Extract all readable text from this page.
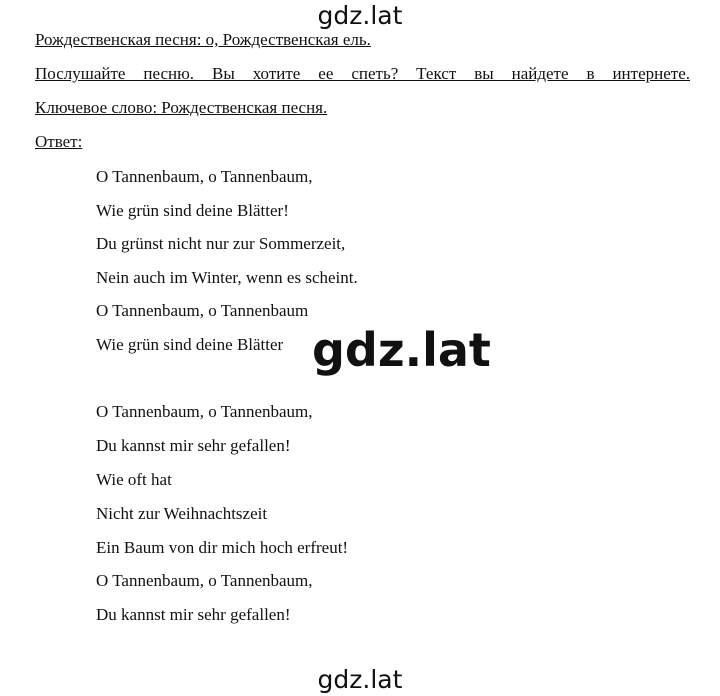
gdz.lat
Рождественская песня: о, Рождественская ель.
Послушайте песню. Вы хотите ее спеть? Текст вы найдете в интернете.
Ключевое слово: Рождественская песня.
Ответ:
O Tannenbaum, o Tannenbaum,
Wie grün sind deine Blätter!
Du grünst nicht nur zur Sommerzeit,
Nein auch im Winter, wenn es scheint.
O Tannenbaum, o Tannenbaum
Wie grün sind deine Blätter
O Tannenbaum, o Tannenbaum,
Du kannst mir sehr gefallen!
Wie oft hat
Nicht zur Weihnachtszeit
Ein Baum von dir mich hoch erfreut!
O Tannenbaum, o Tannenbaum,
Du kannst mir sehr gefallen!
gdz.lat
gdz.lat
